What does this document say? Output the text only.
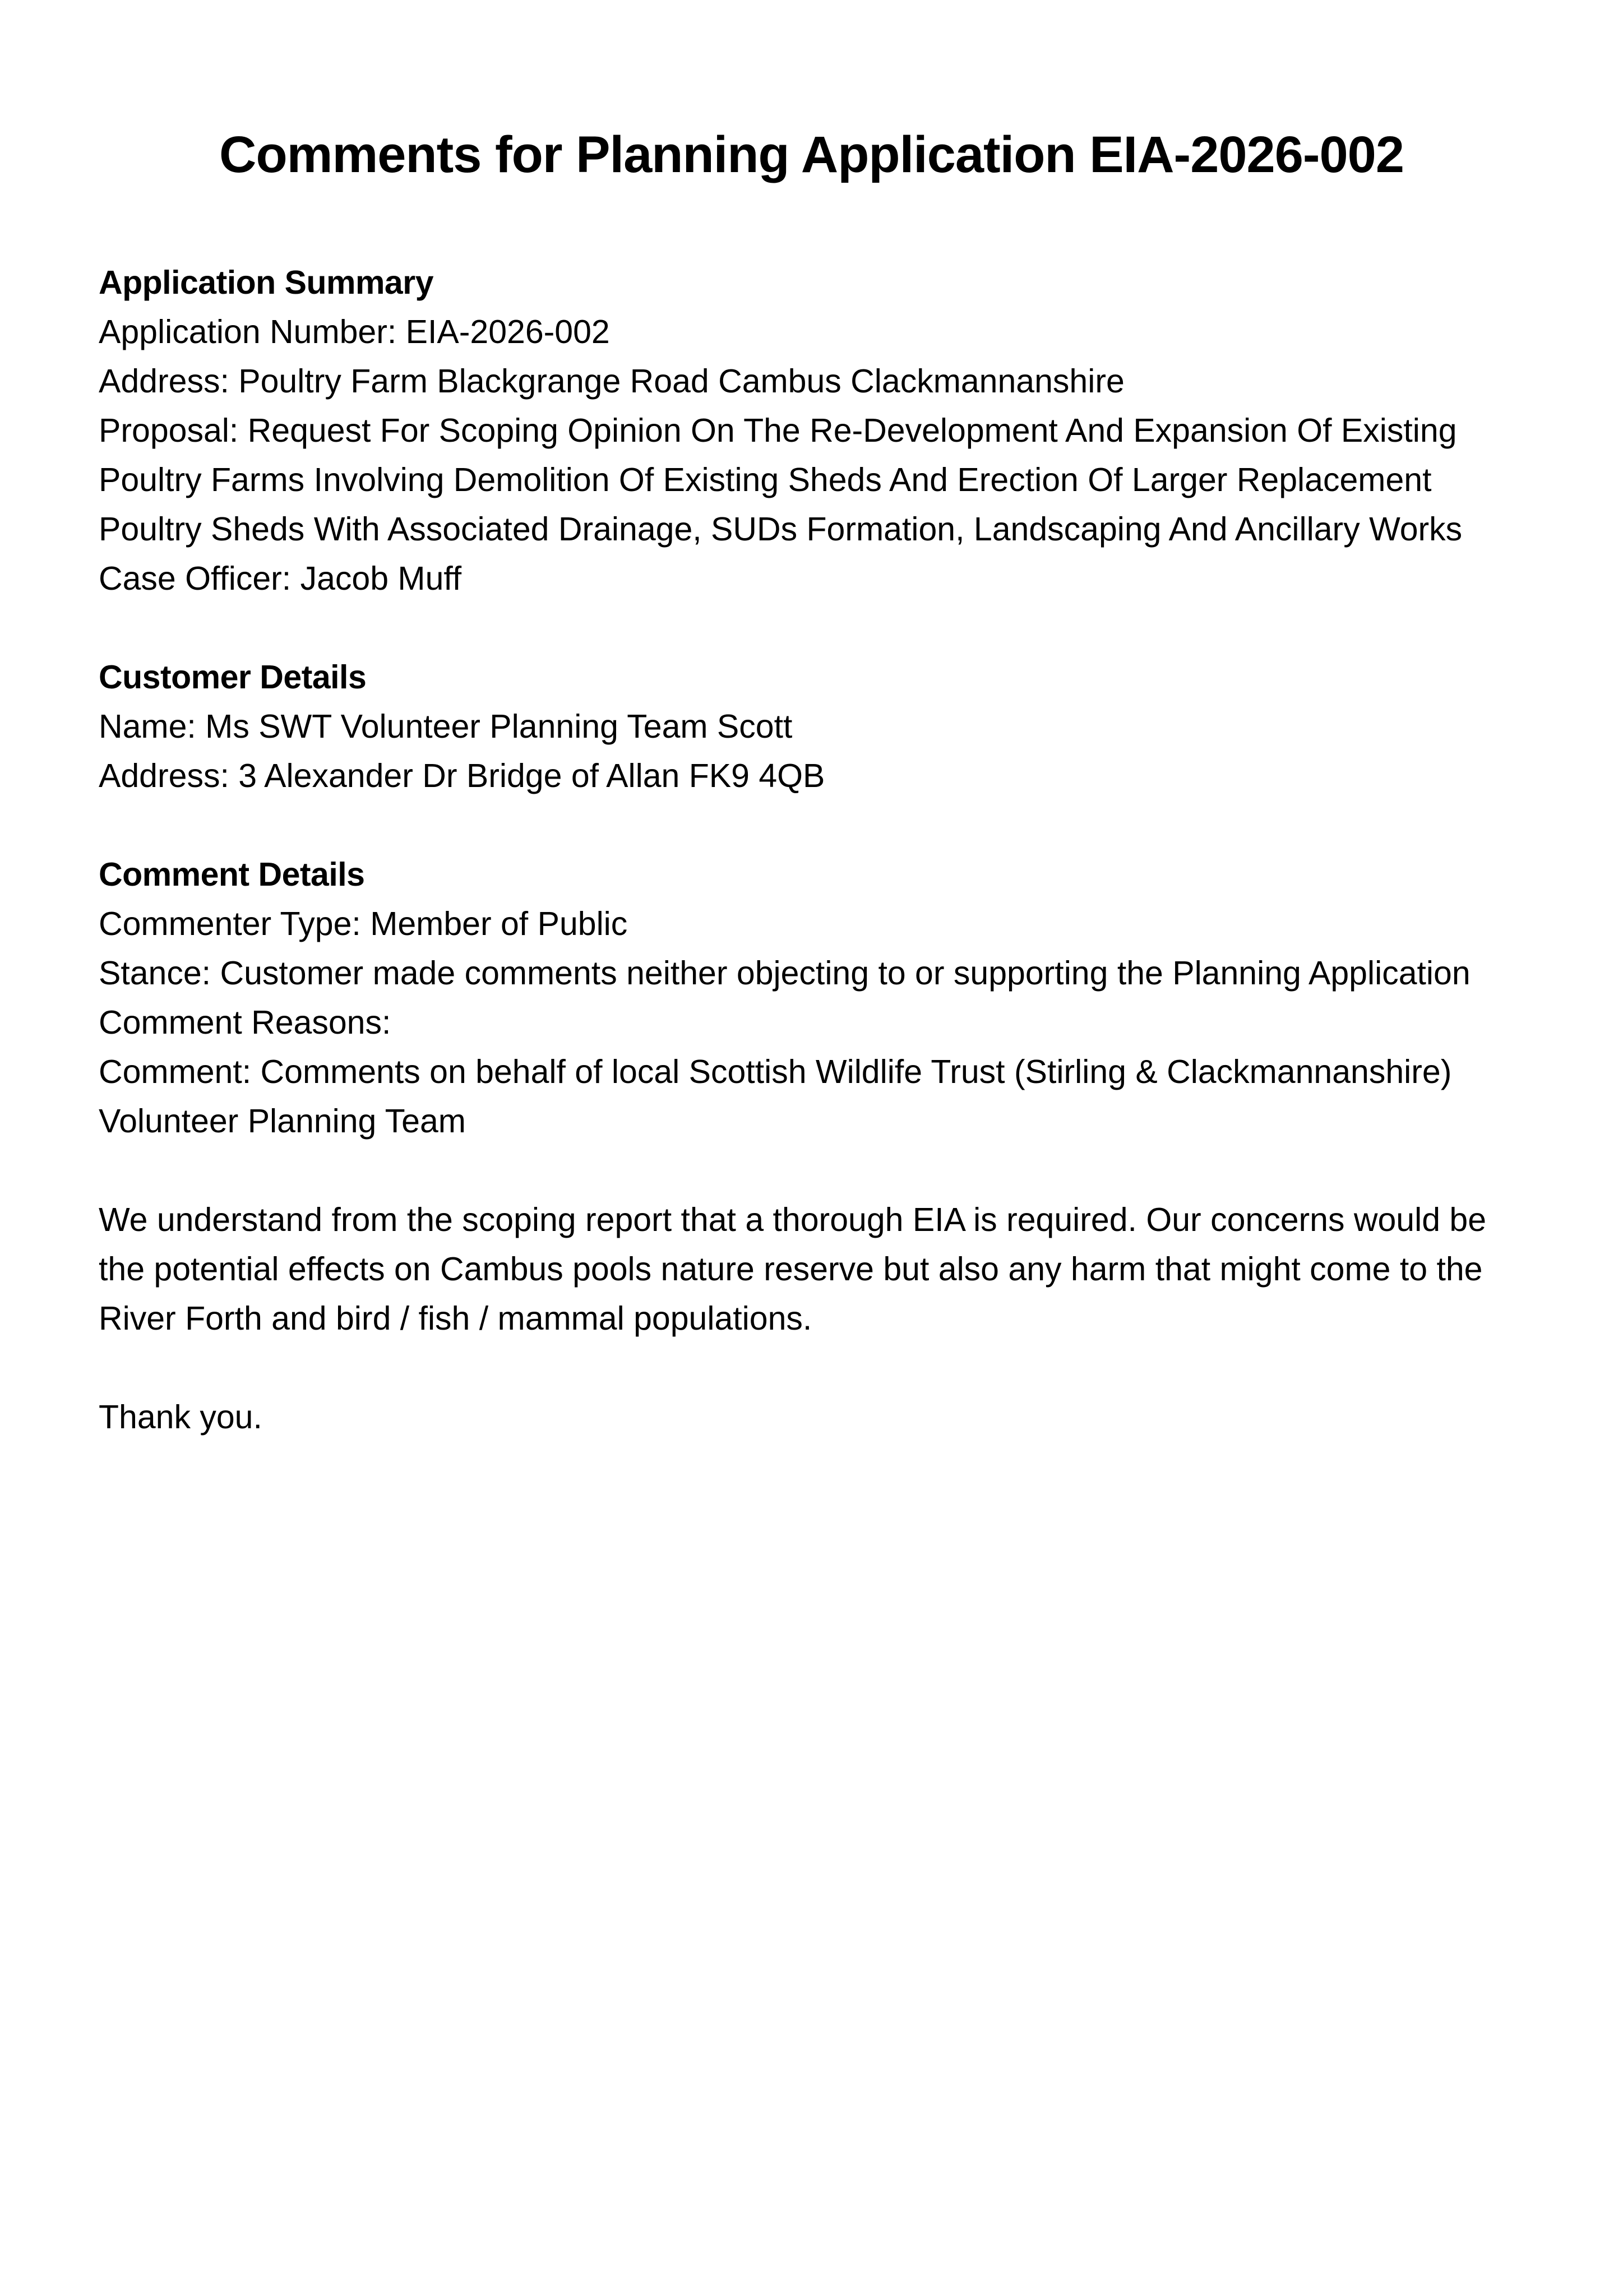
Comments for Planning Application EIA-2026-002

Application Summary

Application Number: EIA-2026-002

Address: Poultry Farm Blackgrange Road Cambus Clackmannanshire

Proposal: Request For Scoping Opinion On The Re-Development And Expansion Of Existing

Poultry Farms Involving Demolition Of Existing Sheds And Erection Of Larger Replacement

Poultry Sheds With Associated Drainage, SUDs Formation, Landscaping And Ancillary Works

Case Officer: Jacob Muff

Customer Details

Name: Ms SWT Volunteer Planning Team Scott

Address: 3 Alexander Dr Bridge of Allan FK9 4QB

Comment Details

Commenter Type: Member of Public

Stance: Customer made comments neither objecting to or supporting the Planning Application

Comment Reasons:

Comment: Comments on behalf of local Scottish Wildlife Trust (Stirling & Clackmannanshire)

Volunteer Planning Team

We understand from the scoping report that a thorough EIA is required. Our concerns would be

the potential effects on Cambus pools nature reserve but also any harm that might come to the

River Forth and bird / fish / mammal populations.

Thank you.
